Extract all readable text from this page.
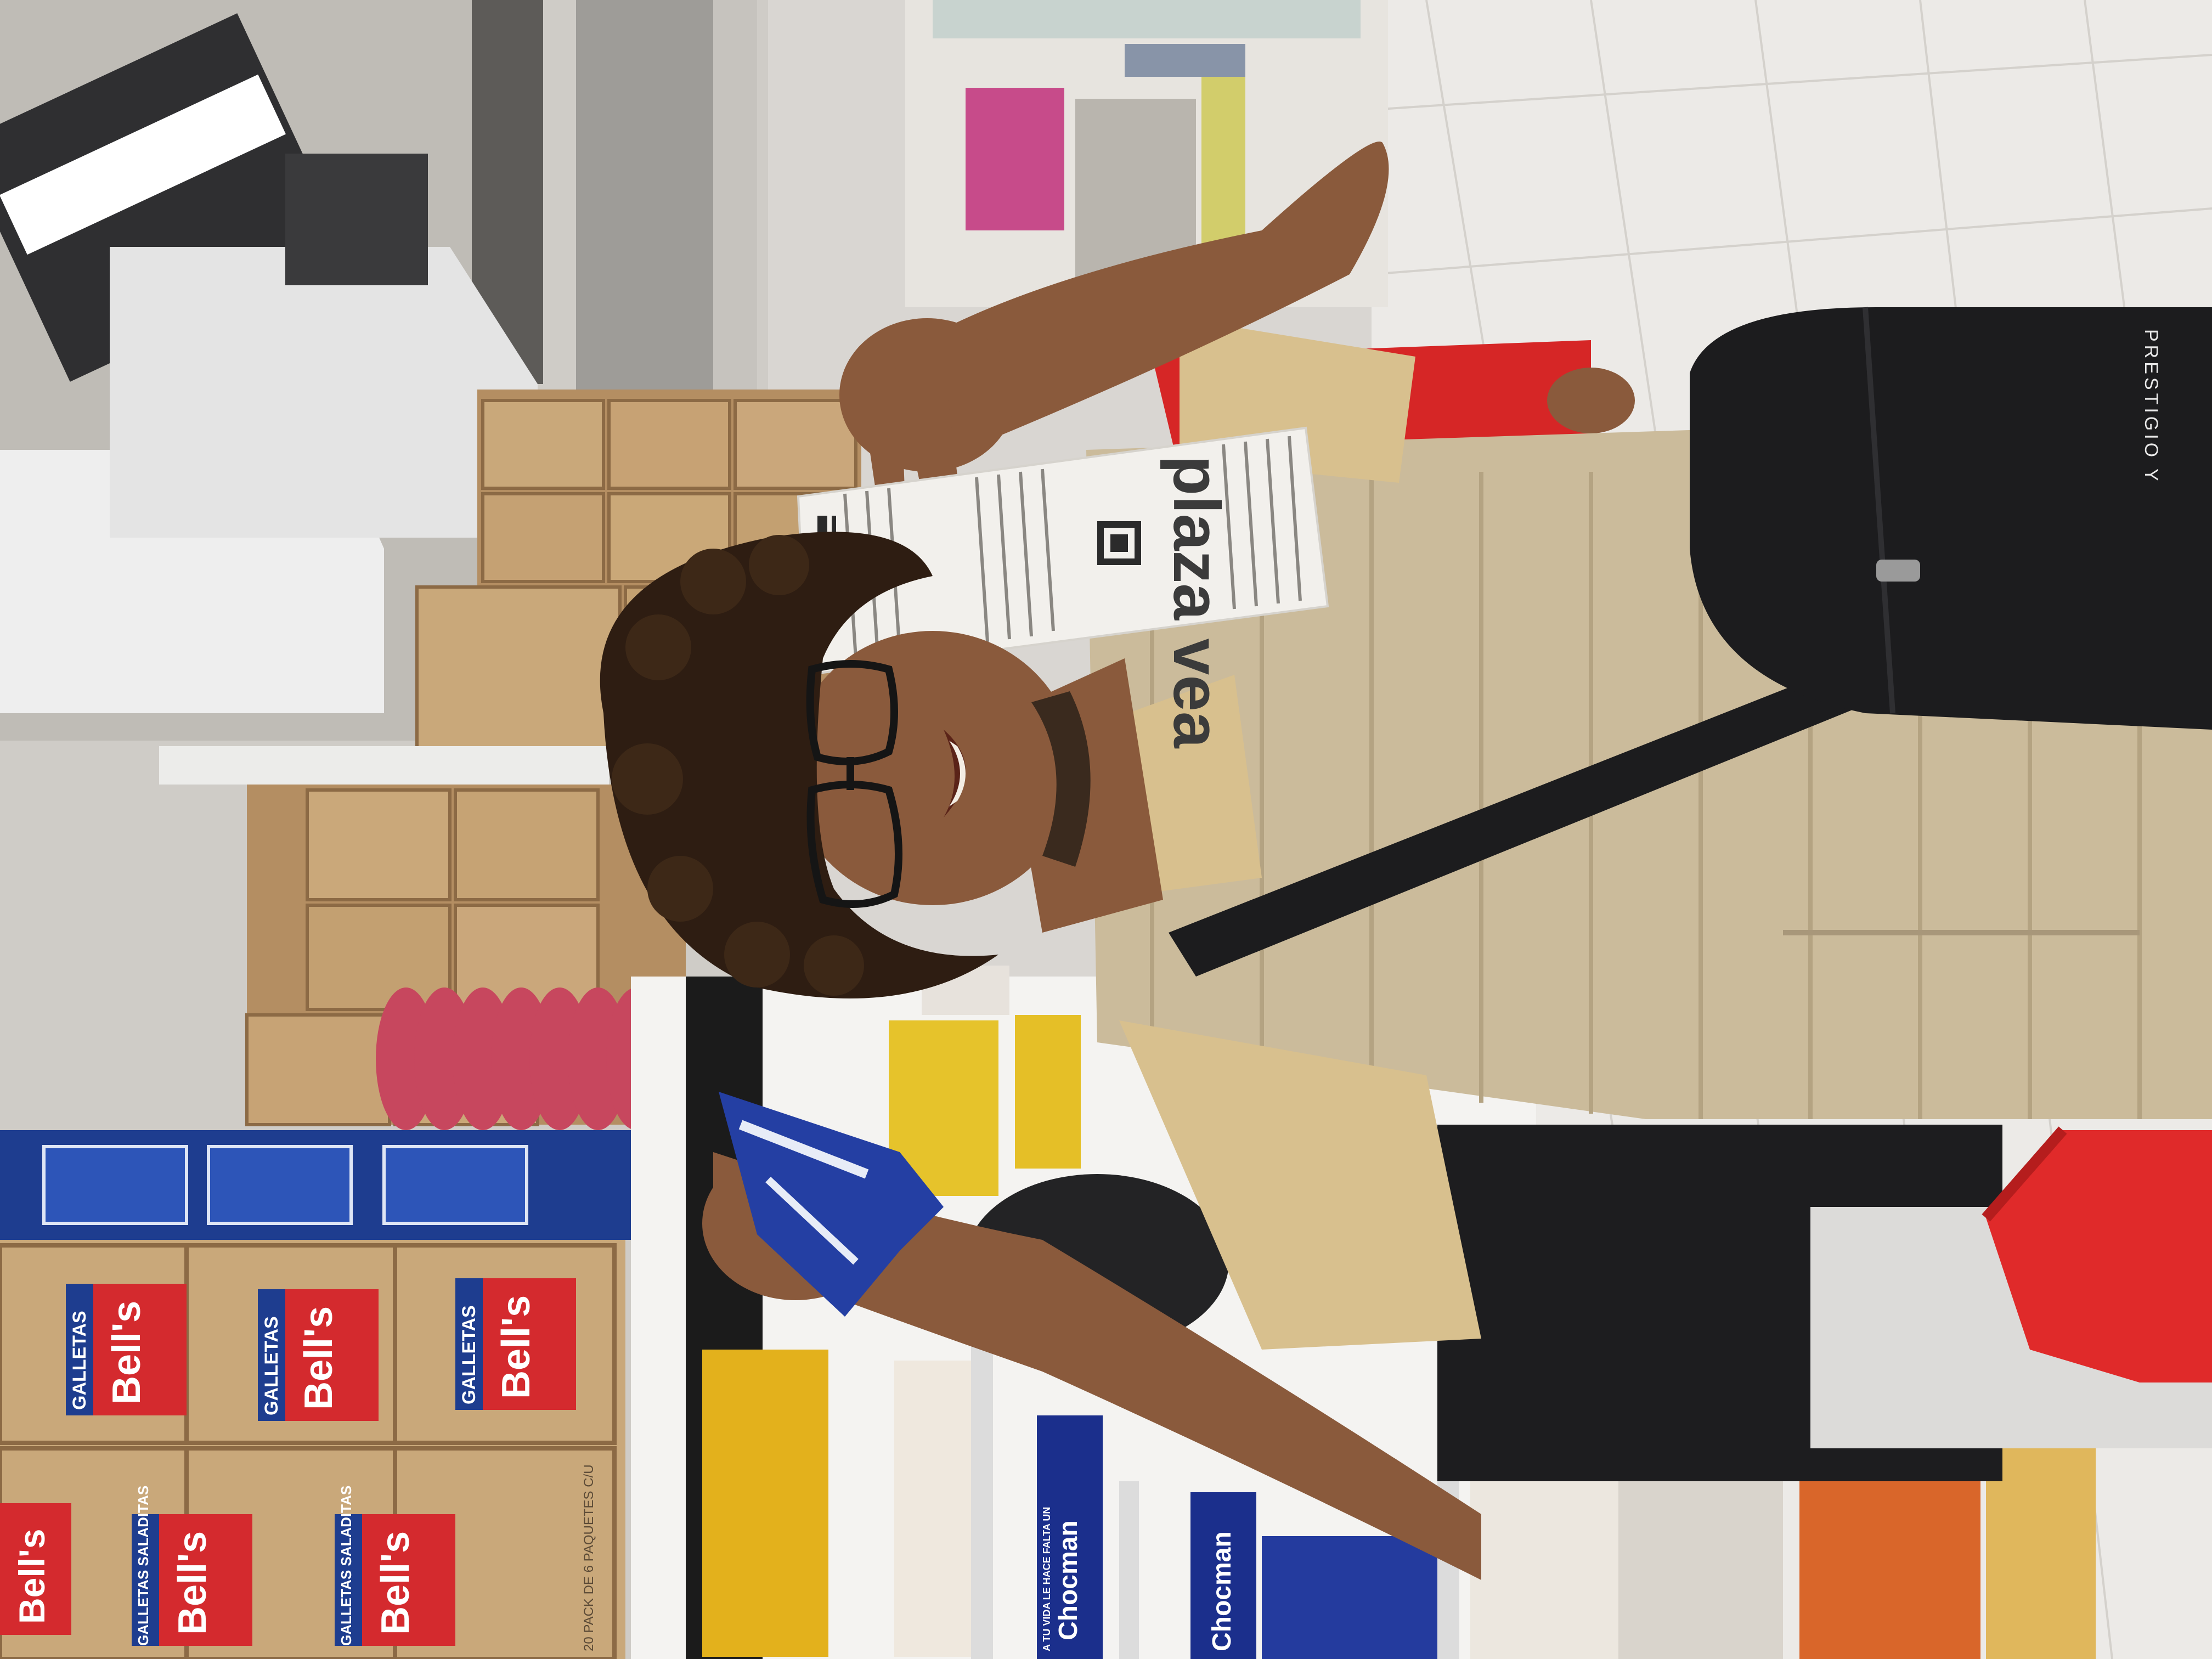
plaza vea
PRESTIGIO Y
Bell's	Bell's	Bell's
Bell's	Bell's	Bell's
GALLETAS	GALLETAS	GALLETAS
GALLETAS SALADITAS	GALLETAS SALADITAS	20 PACK DE 6 PAQUETES C/U	Chocman	Chocman
A TU VIDA LE HACE FALTA UN
